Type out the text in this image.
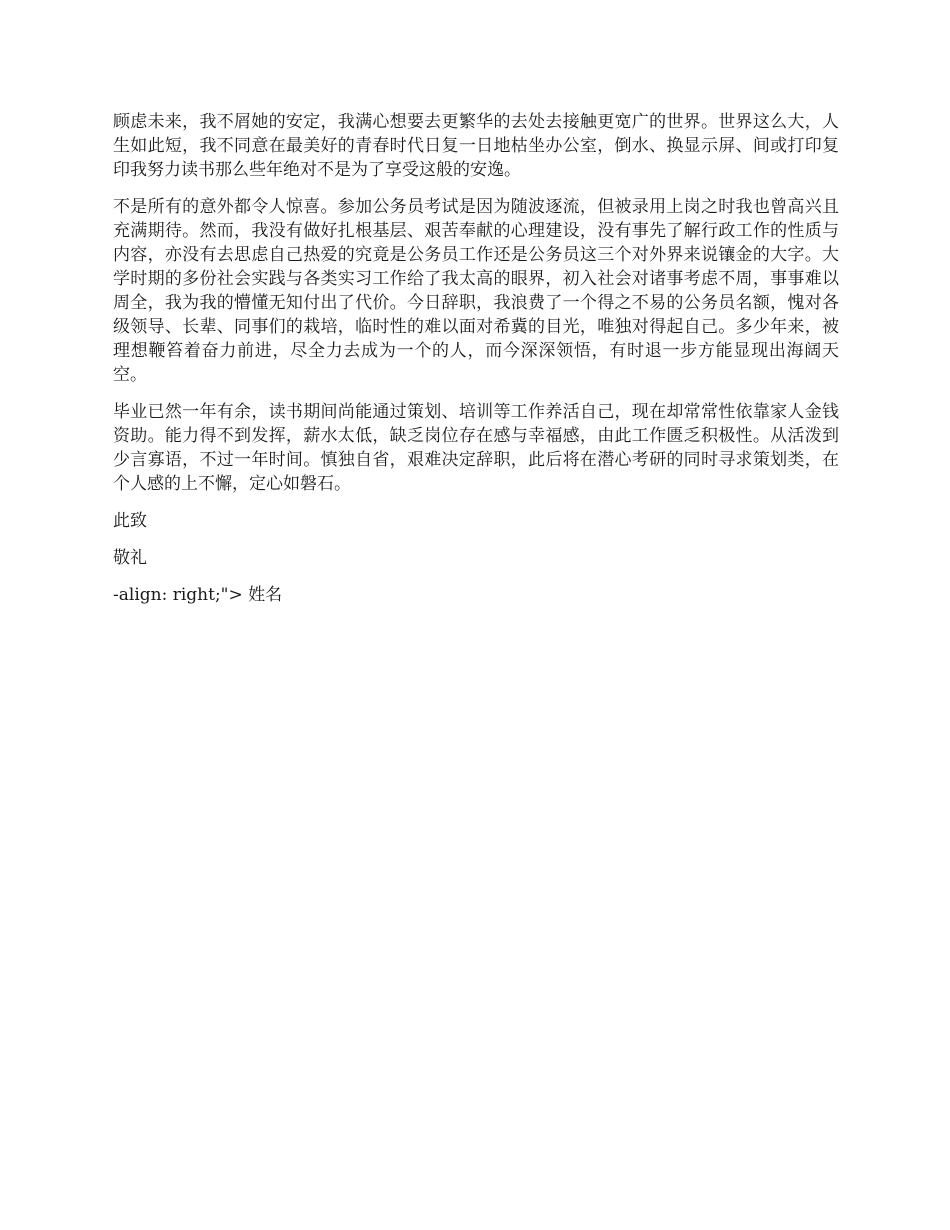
顾虑未来，我不屑她的安定，我满心想要去更繁华的去处去接触更宽广的世界。世界这么大，人生如此短，我不同意在最美好的青春时代日复一日地枯坐办公室，倒水、换显示屏、间或打印复印我努力读书那么些年绝对不是为了享受这般的安逸。

不是所有的意外都令人惊喜。参加公务员考试是因为随波逐流，但被录用上岗之时我也曾高兴且充满期待。然而，我没有做好扎根基层、艰苦奉献的心理建设，没有事先了解行政工作的性质与内容，亦没有去思虑自己热爱的究竟是公务员工作还是公务员这三个对外界来说镶金的大字。大学时期的多份社会实践与各类实习工作给了我太高的眼界，初入社会对诸事考虑不周，事事难以周全，我为我的懵懂无知付出了代价。今日辞职，我浪费了一个得之不易的公务员名额，愧对各级领导、长辈、同事们的栽培，临时性的难以面对希冀的目光，唯独对得起自己。多少年来，被理想鞭笞着奋力前进，尽全力去成为一个的人，而今深深领悟，有时退一步方能显现出海阔天空。

毕业已然一年有余，读书期间尚能通过策划、培训等工作养活自己，现在却常常性依靠家人金钱资助。能力得不到发挥，薪水太低，缺乏岗位存在感与幸福感，由此工作匮乏积极性。从活泼到少言寡语，不过一年时间。慎独自省，艰难决定辞职，此后将在潜心考研的同时寻求策划类，在个人感的上不懈，定心如磐石。

此致

敬礼

-align: right;"> 姓名
